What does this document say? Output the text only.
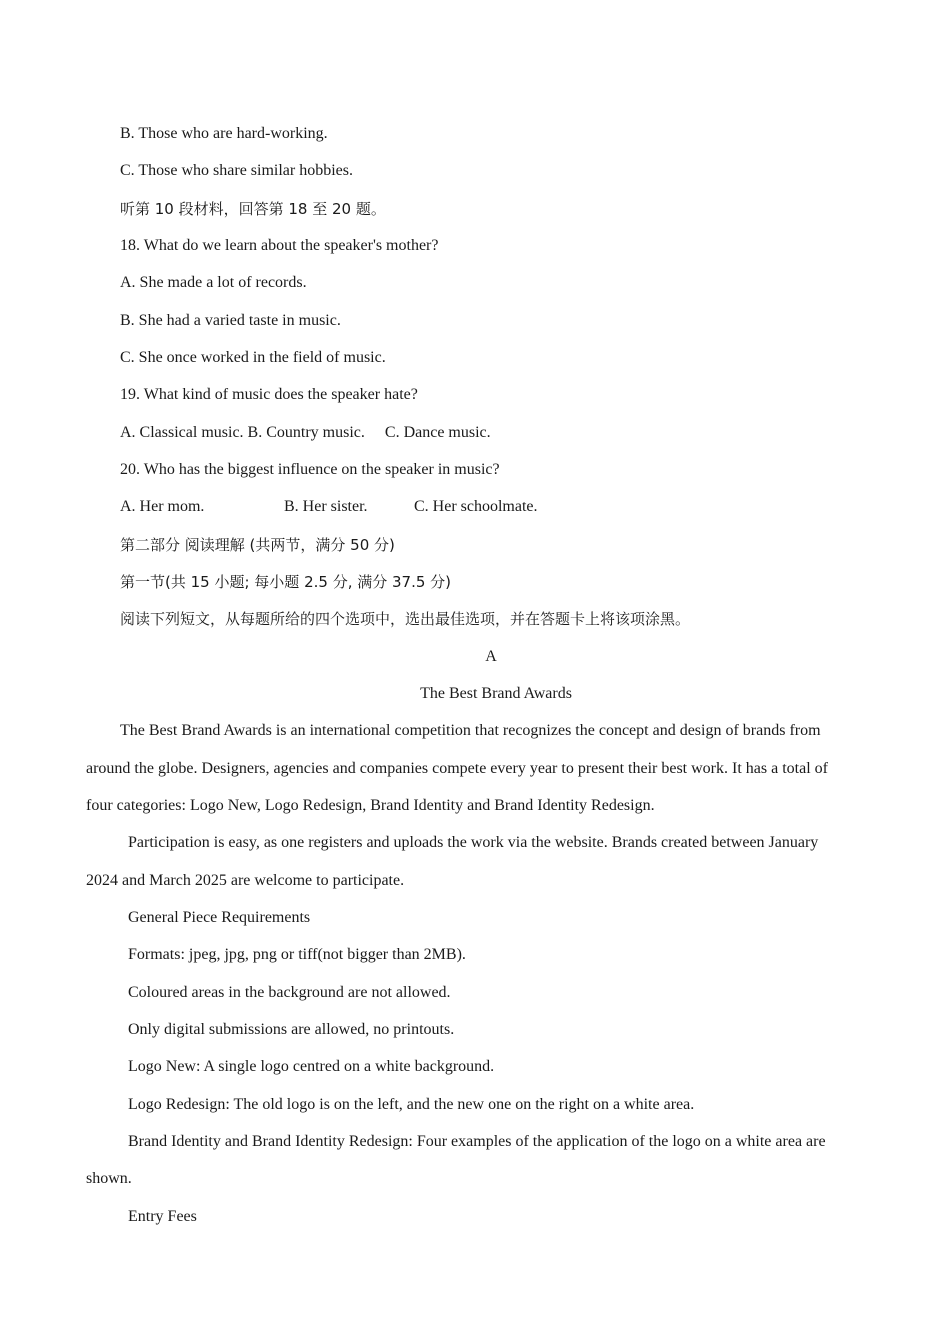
B. Those who are hard-working.
C. Those who share similar hobbies.
听第 10 段材料，回答第 18 至 20 题。
18. What do we learn about the speaker's mother?
A. She made a lot of records.
B. She had a varied taste in music.
C. She once worked in the field of music.
19. What kind of music does the speaker hate?
A. Classical music. B. Country music. C. Dance music.
20. Who has the biggest influence on the speaker in music?
A. Her mom.	B. Her sister.	C. Her schoolmate.
第二部分 阅读理解 (共两节，满分 50 分)
第一节(共 15 小题; 每小题 2.5 分, 满分 37.5 分)
阅读下列短文，从每题所给的四个选项中，选出最佳选项，并在答题卡上将该项涂黑。
A
The Best Brand Awards
The Best Brand Awards is an international competition that recognizes the concept and design of brands from
around the globe. Designers, agencies and companies compete every year to present their best work. It has a total of
four categories: Logo New, Logo Redesign, Brand Identity and Brand Identity Redesign.
Participation is easy, as one registers and uploads the work via the website. Brands created between January
2024 and March 2025 are welcome to participate.
General Piece Requirements
Formats: jpeg, jpg, png or tiff(not bigger than 2MB).
Coloured areas in the background are not allowed.
Only digital submissions are allowed, no printouts.
Logo New: A single logo centred on a white background.
Logo Redesign: The old logo is on the left, and the new one on the right on a white area.
Brand Identity and Brand Identity Redesign: Four examples of the application of the logo on a white area are
shown.
Entry Fees
